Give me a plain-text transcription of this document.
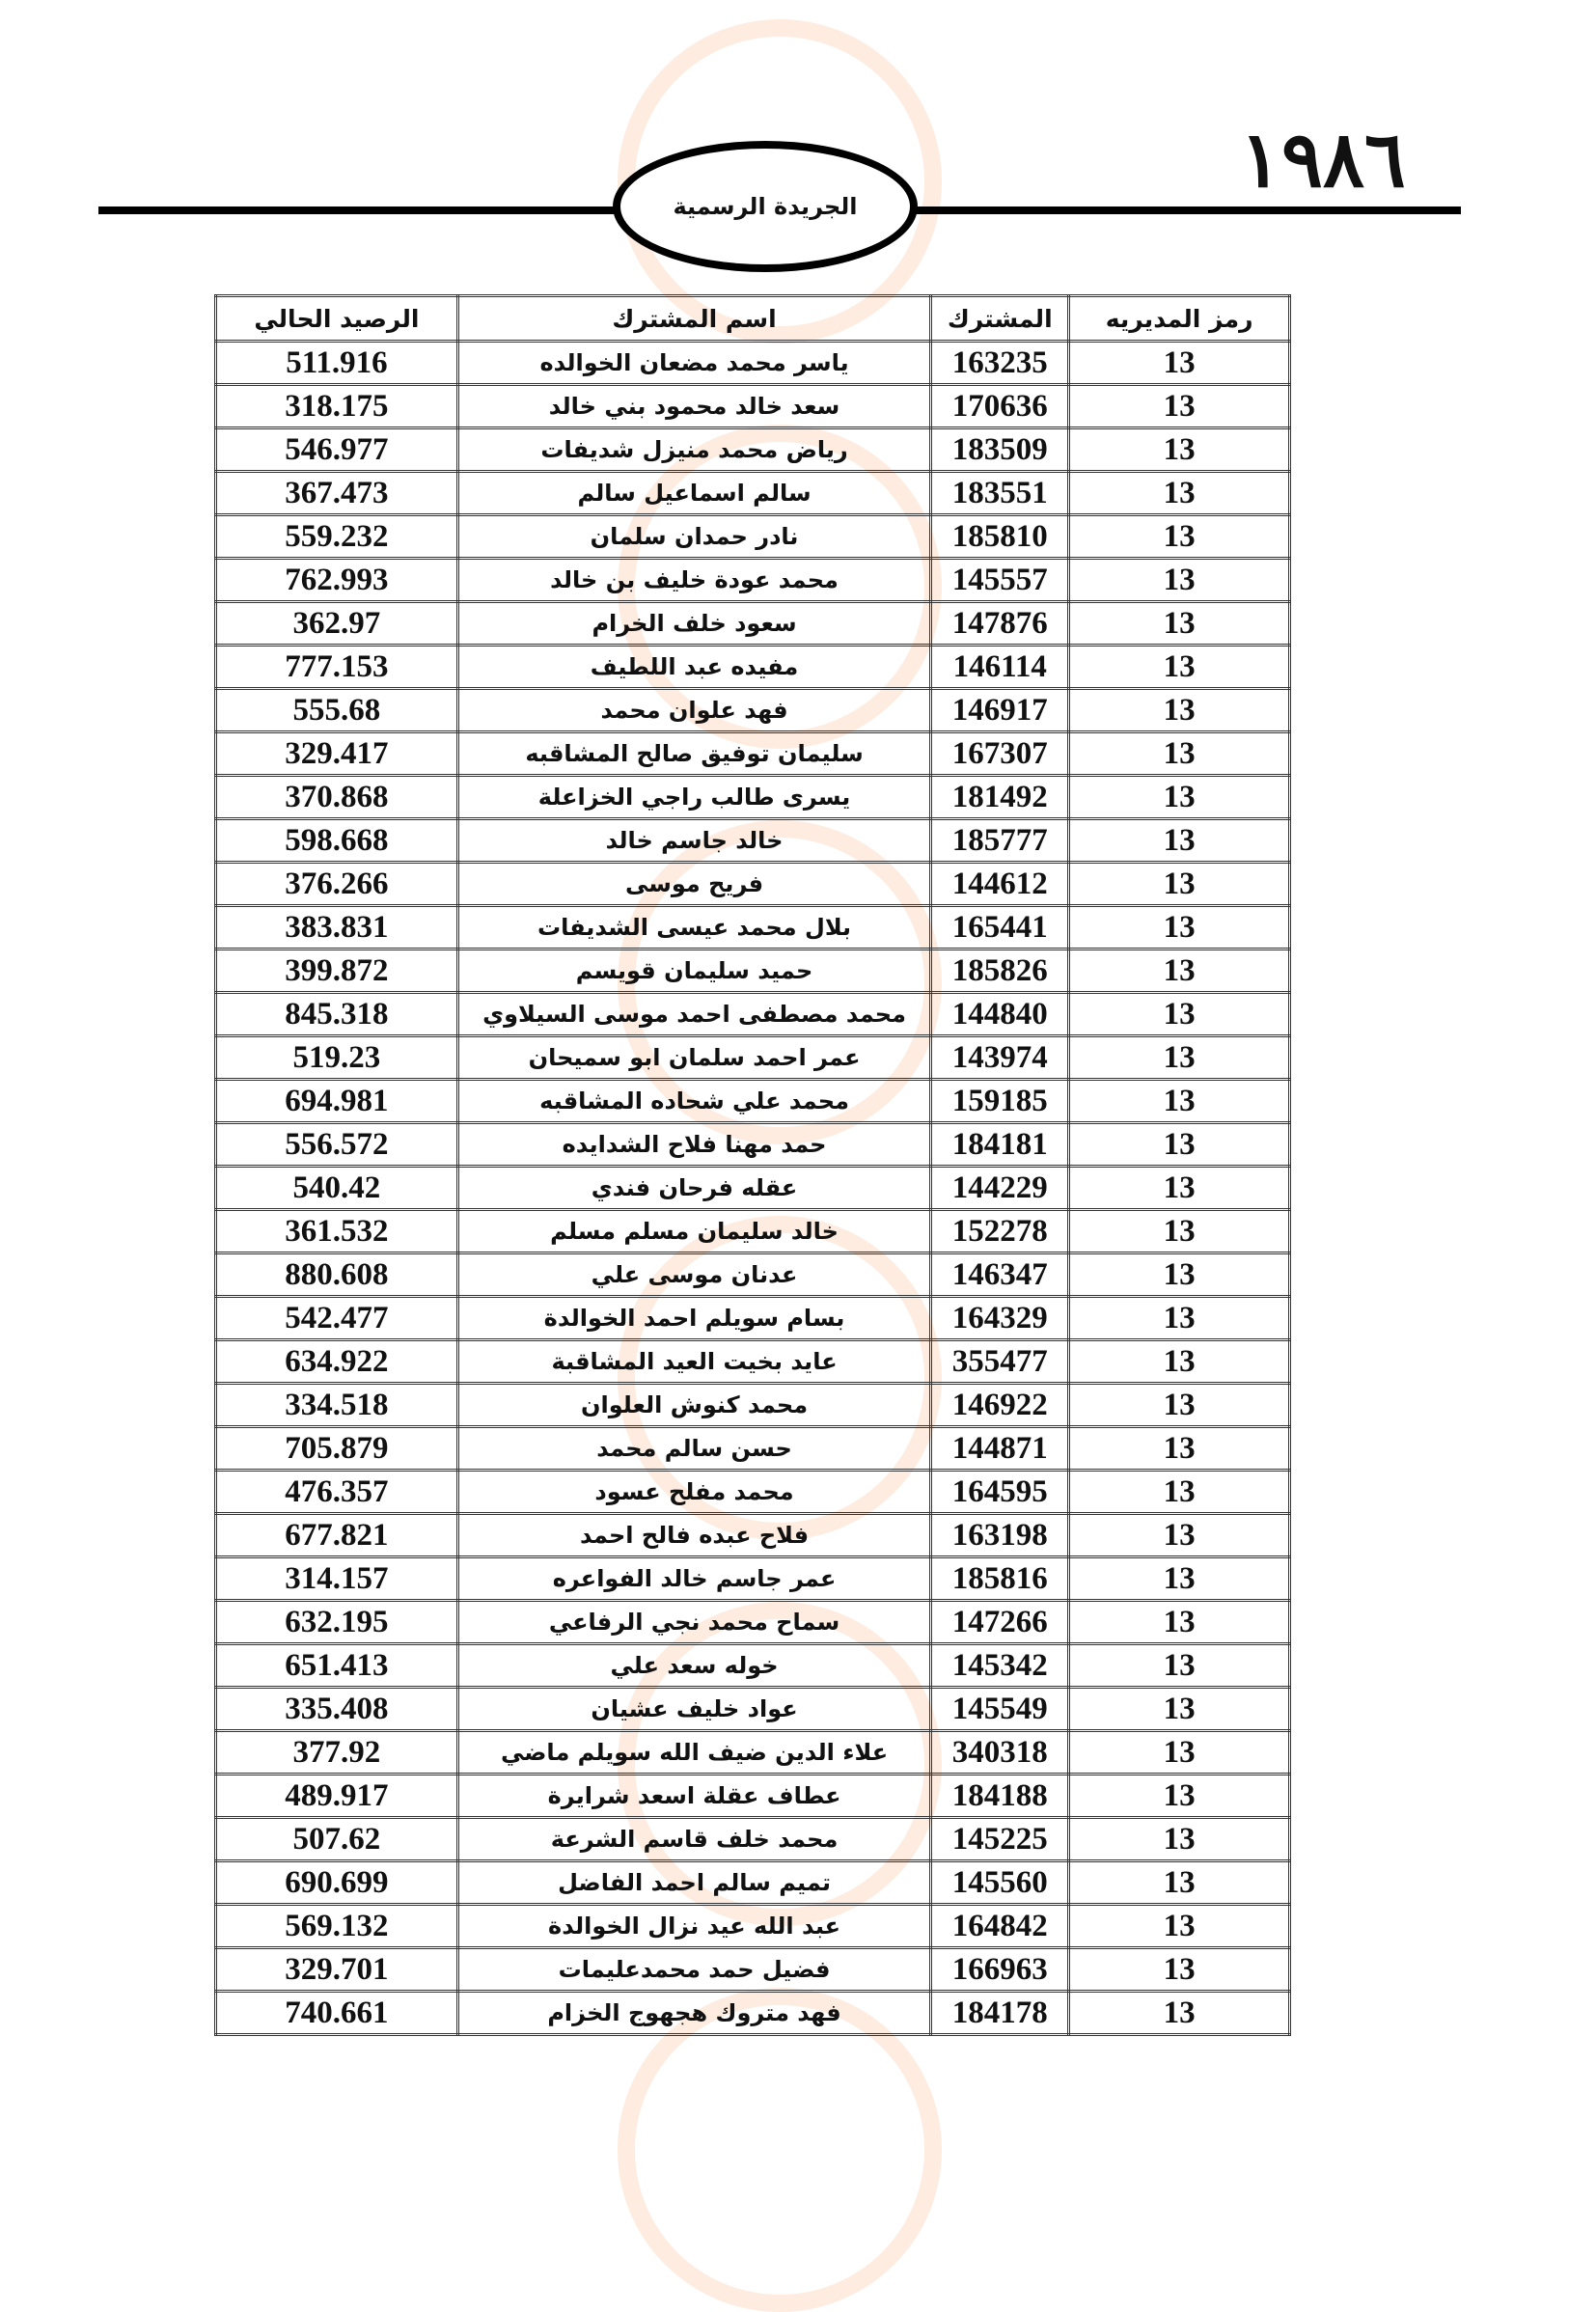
١٩٨٦
الجريدة الرسمية
رمز المديريه	المشترك	اسم المشترك	الرصيد الحالي
13	163235	ياسر محمد مضعان الخوالده	511.916
13	170636	سعد خالد محمود بني خالد	318.175
13	183509	رياض محمد منيزل شديفات	546.977
13	183551	سالم اسماعيل سالم	367.473
13	185810	نادر حمدان سلمان	559.232
13	145557	محمد عودة خليف بن خالد	762.993
13	147876	سعود خلف الخرام	362.97
13	146114	مفيده عبد اللطيف	777.153
13	146917	فهد علوان محمد	555.68
13	167307	سليمان توفيق صالح المشاقبه	329.417
13	181492	يسرى طالب راجي الخزاعلة	370.868
13	185777	خالد جاسم خالد	598.668
13	144612	فريح موسى	376.266
13	165441	بلال محمد عيسى الشديفات	383.831
13	185826	حميد سليمان قويسم	399.872
13	144840	محمد مصطفى احمد موسى السيلاوي	845.318
13	143974	عمر احمد سلمان ابو سميحان	519.23
13	159185	محمد علي شحاده المشاقبه	694.981
13	184181	حمد مهنا فلاح الشدايده	556.572
13	144229	عقله فرحان فندي	540.42
13	152278	خالد سليمان مسلم مسلم	361.532
13	146347	عدنان موسى علي	880.608
13	164329	بسام سويلم احمد الخوالدة	542.477
13	355477	عايد بخيت العيد المشاقبة	634.922
13	146922	محمد كنوش العلوان	334.518
13	144871	حسن سالم محمد	705.879
13	164595	محمد مفلح عسود	476.357
13	163198	فلاح عبده فالح احمد	677.821
13	185816	عمر جاسم خالد الفواعره	314.157
13	147266	سماح محمد نجي الرفاعي	632.195
13	145342	خوله سعد علي	651.413
13	145549	عواد خليف عشيان	335.408
13	340318	علاء الدين ضيف الله سويلم ماضي	377.92
13	184188	عطاف عقلة اسعد شرايرة	489.917
13	145225	محمد خلف قاسم الشرعة	507.62
13	145560	تميم سالم احمد الفاضل	690.699
13	164842	عبد الله عيد نزال الخوالدة	569.132
13	166963	فضيل حمد محمدعليمات	329.701
13	184178	فهد متروك هجهوج الخزام	740.661
